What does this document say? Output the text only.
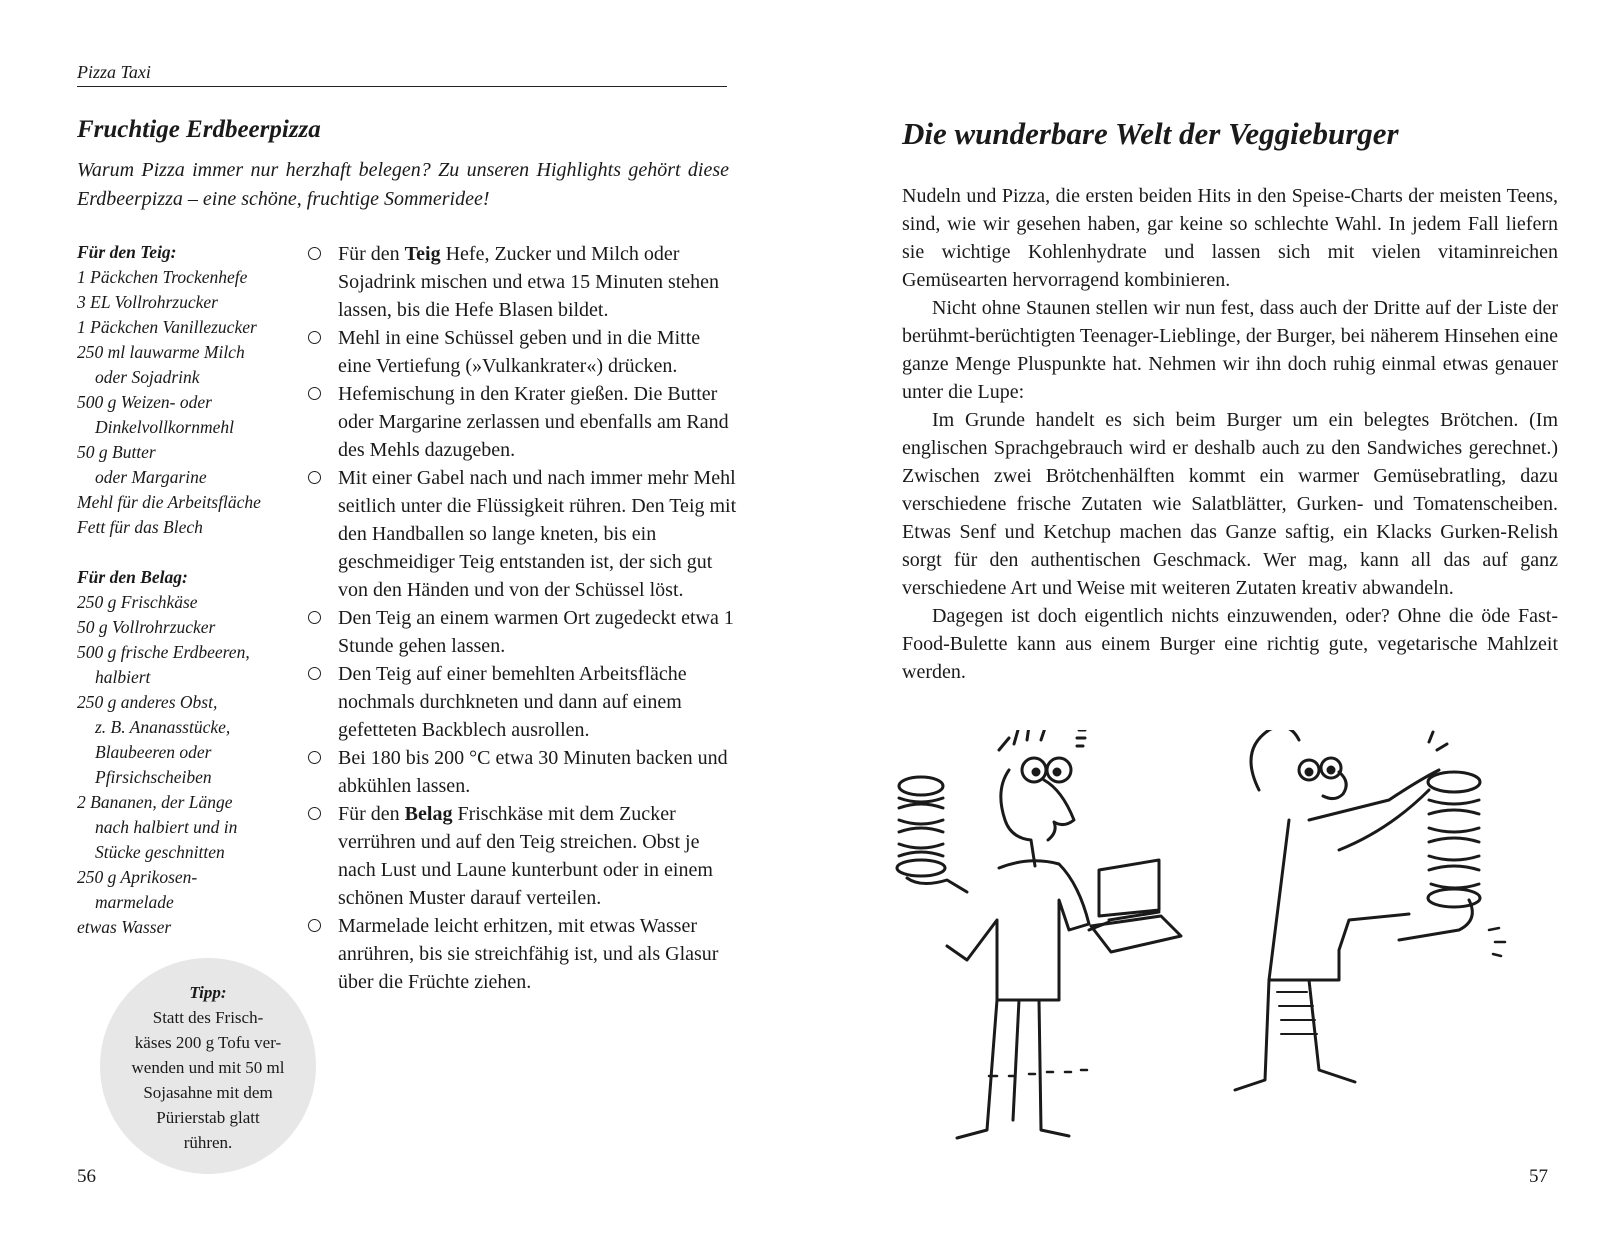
Pizza Taxi
Fruchtige Erdbeerpizza
Warum Pizza immer nur herzhaft belegen? Zu unseren Highlights gehört diese Erdbeerpizza – eine schöne, fruchtige Sommeridee!
Für den Teig:
1 Päckchen Trockenhefe
3 EL Vollrohrzucker
1 Päckchen Vanillezucker
250 ml lauwarme Milch
oder Sojadrink
500 g Weizen- oder
Dinkelvollkornmehl
50 g Butter
oder Margarine
Mehl für die Arbeitsfläche
Fett für das Blech
Für den Belag:
250 g Frischkäse
50 g Vollrohrzucker
500 g frische Erdbeeren,
halbiert
250 g anderes Obst,
z. B. Ananasstücke,
Blaubeeren oder
Pfirsichscheiben
2 Bananen, der Länge
nach halbiert und in
Stücke geschnitten
250 g Aprikosen-
marmelade
etwas Wasser
Für den Teig Hefe, Zucker und Milch oder Sojadrink mischen und etwa 15 Minuten stehen lassen, bis die Hefe Blasen bildet.
Mehl in eine Schüssel geben und in die Mitte eine Vertiefung (»Vulkankrater«) drücken.
Hefemischung in den Krater gießen. Die Butter oder Margarine zerlassen und ebenfalls am Rand des Mehls dazugeben.
Mit einer Gabel nach und nach immer mehr Mehl seitlich unter die Flüssigkeit rühren. Den Teig mit den Handballen so lange kneten, bis ein geschmeidiger Teig entstanden ist, der sich gut von den Händen und von der Schüssel löst.
Den Teig an einem warmen Ort zugedeckt etwa 1 Stunde gehen lassen.
Den Teig auf einer bemehlten Arbeitsfläche nochmals durchkneten und dann auf einem gefetteten Backblech ausrollen.
Bei 180 bis 200 °C etwa 30 Minuten backen und abkühlen lassen.
Für den Belag Frischkäse mit dem Zucker verrühren und auf den Teig streichen. Obst je nach Lust und Laune kunterbunt oder in einem schönen Muster darauf verteilen.
Marmelade leicht erhitzen, mit etwas Wasser anrühren, bis sie streichfähig ist, und als Glasur über die Früchte ziehen.
Tipp:
Statt des Frisch-
käses 200 g Tofu ver-
wenden und mit 50 ml
Sojasahne mit dem
Pürierstab glatt
rühren.
56
Die wunderbare Welt der Veggieburger

Nudeln und Pizza, die ersten beiden Hits in den Speise-Charts der meisten Teens, sind, wie wir gesehen haben, gar keine so schlechte Wahl. In jedem Fall liefern sie wichtige Kohlenhydrate und lassen sich mit vielen vitaminreichen Gemüsearten hervorragend kombinieren.

Nicht ohne Staunen stellen wir nun fest, dass auch der Dritte auf der Liste der berühmt-berüchtigten Teenager-Lieblinge, der Burger, bei näherem Hinsehen eine ganze Menge Pluspunkte hat. Nehmen wir ihn doch ruhig einmal etwas genauer unter die Lupe:

Im Grunde handelt es sich beim Burger um ein belegtes Brötchen. (Im englischen Sprachgebrauch wird er deshalb auch zu den Sandwiches gerechnet.) Zwischen zwei Brötchenhälften kommt ein warmer Gemüsebratling, dazu verschiedene frische Zutaten wie Salatblätter, Gurken- und Tomatenscheiben. Etwas Senf und Ketchup machen das Ganze saftig, ein Klacks Gurken-Relish sorgt für den authentischen Geschmack. Wer mag, kann all das auf ganz verschiedene Art und Weise mit weiteren Zutaten kreativ abwandeln.

Dagegen ist doch eigentlich nichts einzuwenden, oder? Ohne die öde Fast-Food-Bulette kann aus einem Burger eine richtig gute, vegetarische Mahlzeit werden.

57
